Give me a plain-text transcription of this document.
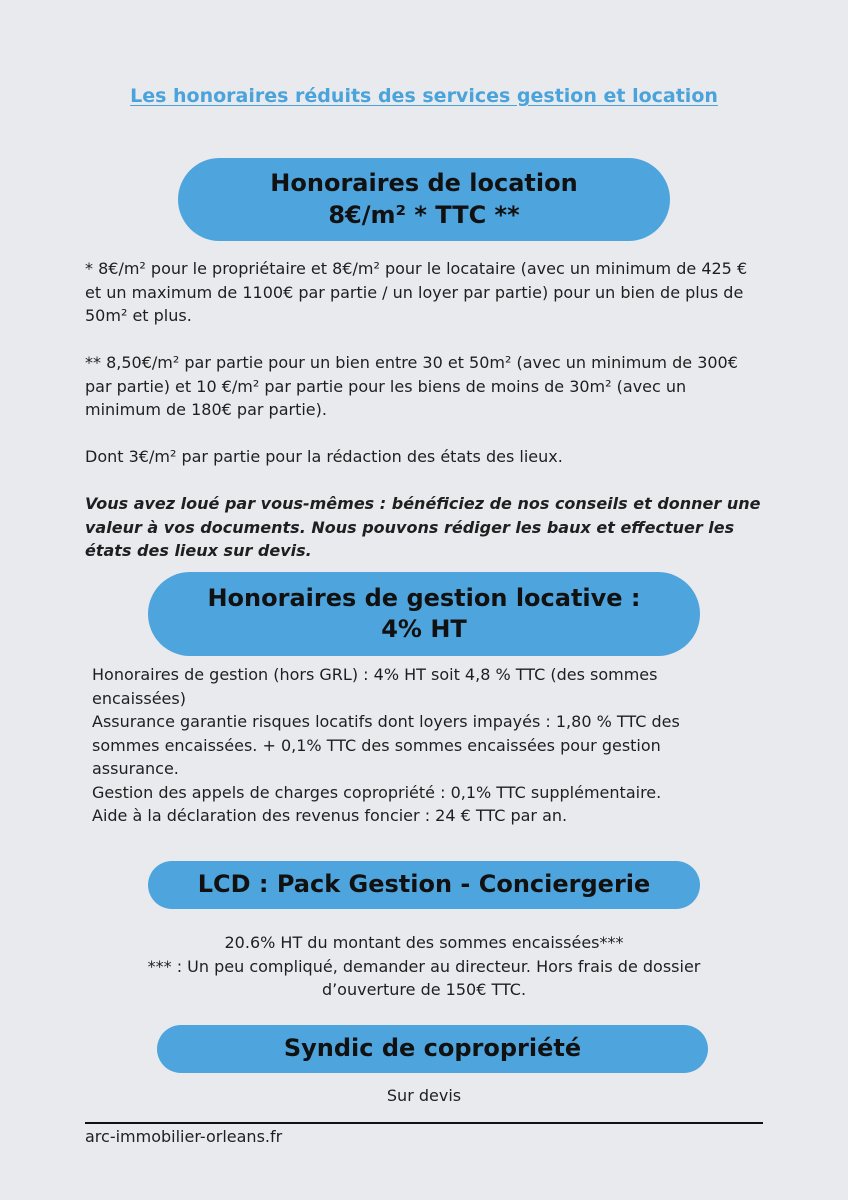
Les honoraires réduits des services gestion et location
Honoraires de location
8€/m² * TTC **

* 8€/m² pour le propriétaire et 8€/m² pour le locataire (avec un minimum de 425 € et un maximum de 1100€ par partie / un loyer par partie) pour un bien de plus de 50m² et plus.

** 8,50€/m² par partie pour un bien entre 30 et 50m² (avec un minimum de 300€ par partie) et 10 €/m² par partie pour les biens de moins de 30m² (avec un minimum de 180€ par partie).

Dont 3€/m² par partie pour la rédaction des états des lieux.

Vous avez loué par vous-mêmes : bénéficiez de nos conseils et donner une valeur à vos documents. Nous pouvons rédiger les baux et effectuer les états des lieux sur devis.

Honoraires de gestion locative :
4% HT

Honoraires de gestion (hors GRL) : 4% HT soit 4,8 % TTC (des sommes encaissées)

Assurance garantie risques locatifs dont loyers impayés : 1,80 % TTC des sommes encaissées. + 0,1% TTC des sommes encaissées pour gestion assurance.

Gestion des appels de charges copropriété : 0,1% TTC supplémentaire.

Aide à la déclaration des revenus foncier : 24 € TTC par an.

LCD : Pack Gestion - Conciergerie

20.6% HT du montant des sommes encaissées***

*** : Un peu compliqué, demander au directeur. Hors frais de dossier d’ouverture de 150€ TTC.

Syndic de copropriété

Sur devis

arc-immobilier-orleans.fr
